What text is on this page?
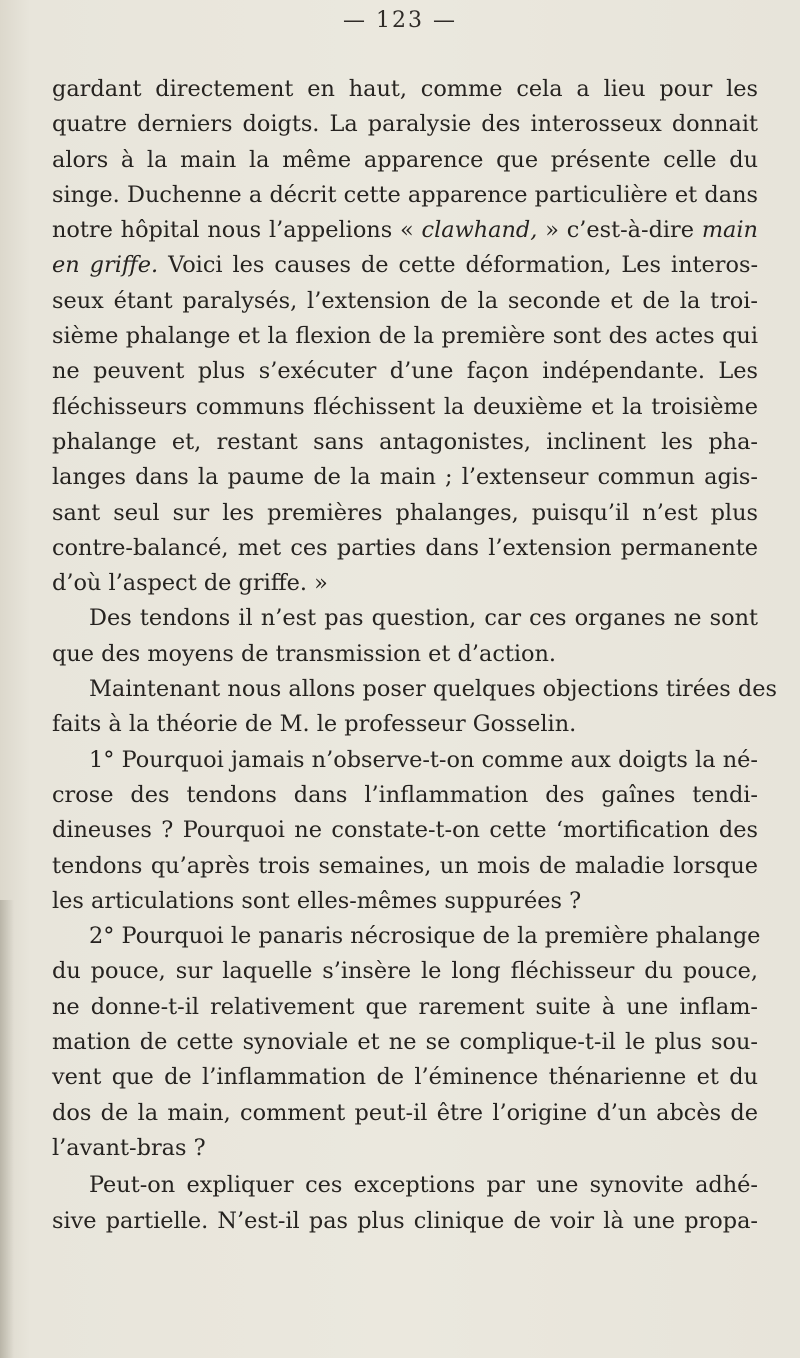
— 123 —
gardant directement en haut, comme cela a lieu pour les
quatre derniers doigts. La paralysie des interosseux donnait
alors à la main la même apparence que présente celle du
singe. Duchenne a décrit cette apparence particulière et dans
notre hôpital nous l’appelions « clawhand, » c’est-à-dire main
en griffe. Voici les causes de cette déformation, Les interos-
seux étant paralysés, l’extension de la seconde et de la troi-
sième phalange et la flexion de la première sont des actes qui
ne peuvent plus s’exécuter d’une façon indépendante. Les
fléchisseurs communs fléchissent la deuxième et la troisième
phalange et, restant sans antagonistes, inclinent les pha-
langes dans la paume de la main ; l’extenseur commun agis-
sant seul sur les premières phalanges, puisqu’il n’est plus
contre-balancé, met ces parties dans l’extension permanente
d’où l’aspect de griffe. »
Des tendons il n’est pas question, car ces organes ne sont
que des moyens de transmission et d’action.
Maintenant nous allons poser quelques objections tirées des
faits à la théorie de M. le professeur Gosselin.
1° Pourquoi jamais n’observe-t-on comme aux doigts la né-
crose des tendons dans l’inflammation des gaînes tendi-
dineuses ? Pourquoi ne constate-t-on cette ‘mortification des
tendons qu’après trois semaines, un mois de maladie lorsque
les articulations sont elles-mêmes suppurées ?
2° Pourquoi le panaris nécrosique de la première phalange
du pouce, sur laquelle s’insère le long fléchisseur du pouce,
ne donne-t-il relativement que rarement suite à une inflam-
mation de cette synoviale et ne se complique-t-il le plus sou-
vent que de l’inflammation de l’éminence thénarienne et du
dos de la main, comment peut-il être l’origine d’un abcès de
l’avant-bras ?
Peut-on expliquer ces exceptions par une synovite adhé-
sive partielle. N’est-il pas plus clinique de voir là une propa-
